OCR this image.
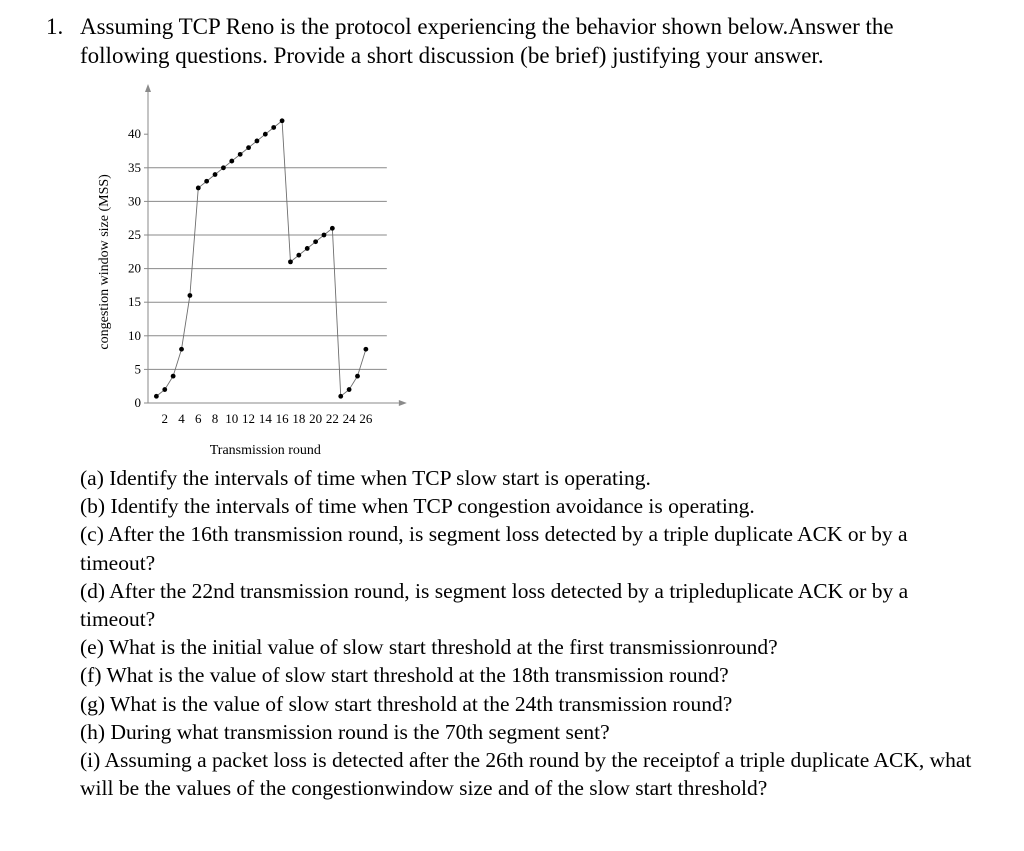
1. Assuming TCP Reno is the protocol experiencing the behavior shown below.Answer the following questions. Provide a short discussion (be brief) justifying your answer.
0
5
10
15
20
25
30
35
40
2 4 6 8 10 12 14 16 18 20 22 24 26
Transmission round
congestion window size (MSS)

(a) Identify the intervals of time when TCP slow start is operating.

(b) Identify the intervals of time when TCP congestion avoidance is operating.

(c) After the 16th transmission round, is segment loss detected by a triple duplicate ACK or by a timeout?

(d) After the 22nd transmission round, is segment loss detected by a tripleduplicate ACK or by a timeout?

(e) What is the initial value of slow start threshold at the first transmissionround?

(f) What is the value of slow start threshold at the 18th transmission round?

(g) What is the value of slow start threshold at the 24th transmission round?

(h) During what transmission round is the 70th segment sent?

(i) Assuming a packet loss is detected after the 26th round by the receiptof a triple duplicate ACK, what will be the values of the congestionwindow size and of the slow start threshold?
